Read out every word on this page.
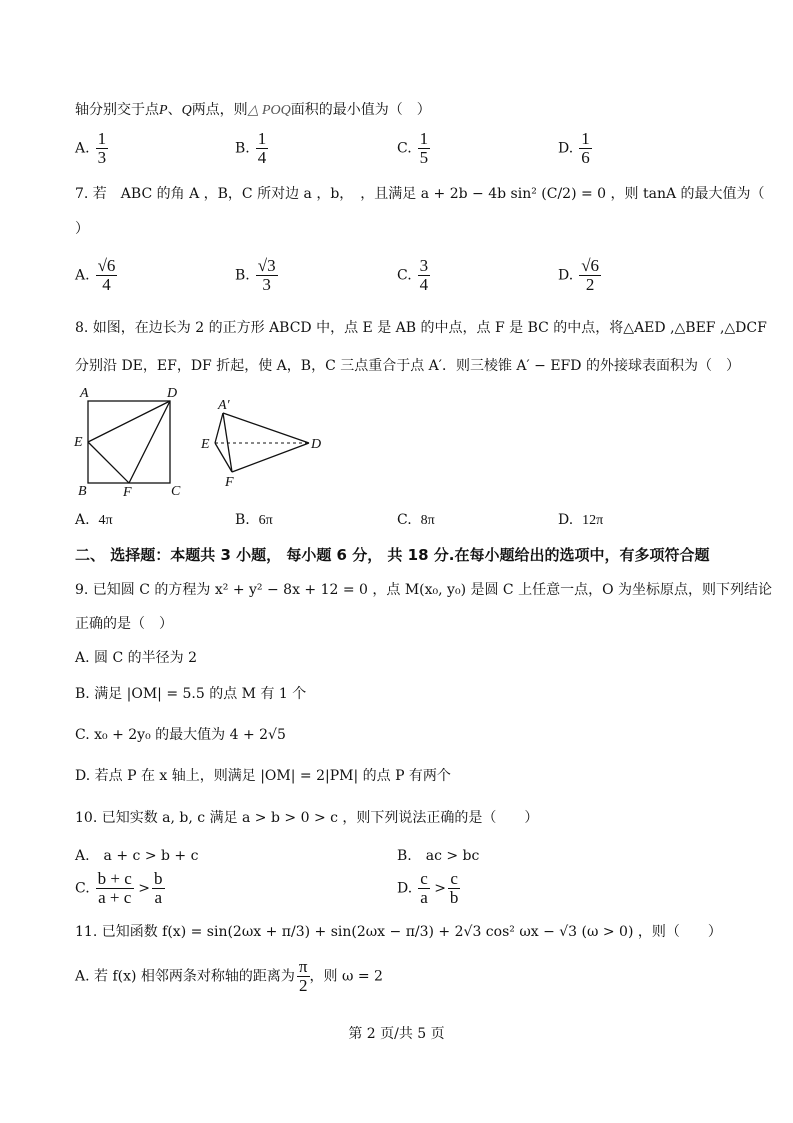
轴分别交于点P、Q两点，则△ POQ面积的最小值为（　）
A. $\frac{1}{3}$	B. $\frac{1}{4}$	C. $\frac{1}{5}$	D. $\frac{1}{6}$
7. 若　ABC 的角 A ，B，C 所对边 a ，b，　，且满足 a + 2b − 4b sin² (C/2) = 0 ，则 tanA 的最大值为（
）
A. $\frac{√6}{4}$	B. $\frac{√3}{3}$	C. $\frac{3}{4}$	D. $\frac{√6}{2}$
8. 如图，在边长为 2 的正方形 ABCD 中，点 E 是 AB 的中点，点 F 是 BC 的中点，将△AED ,△BEF ,△DCF
分别沿 DE，EF，DF 折起，使 A，B，C 三点重合于点 A′．则三棱锥 A′ − EFD 的外接球表面积为（　）
A	D
E
B	F	C
A′
E	D
F
A. 4π	B. 6π	C. 8π	D. 12π
二、 选择题：本题共 3 小题， 每小题 6 分， 共 18 分.在每小题给出的选项中，有多项符合题
9. 已知圆 C 的方程为 x² + y² − 8x + 12 = 0 ，点 M(x₀, y₀) 是圆 C 上任意一点，O 为坐标原点，则下列结论
正确的是（　）
A. 圆 C 的半径为 2
B. 满足 |OM| = 5.5 的点 M 有 1 个
C. x₀ + 2y₀ 的最大值为 4 + 2√5
D. 若点 P 在 x 轴上，则满足 |OM| = 2|PM| 的点 P 有两个
10. 已知实数 a, b, c 满足 a > b > 0 > c ，则下列说法正确的是（　　）
A.　a + c > b + c	B.　ac > bc
C. $\frac{b + c}{a + c} > \frac{b}{a}$	D. $\frac{c}{a} > \frac{c}{b}$
11. 已知函数 f(x) = sin(2ωx + π/3) + sin(2ωx − π/3) + 2√3 cos² ωx − √3 (ω > 0) ，则（　　）
A. 若 f(x) 相邻两条对称轴的距离为 $\frac{\pi}{2}$ ，则 ω = 2
第 2 页/共 5 页
